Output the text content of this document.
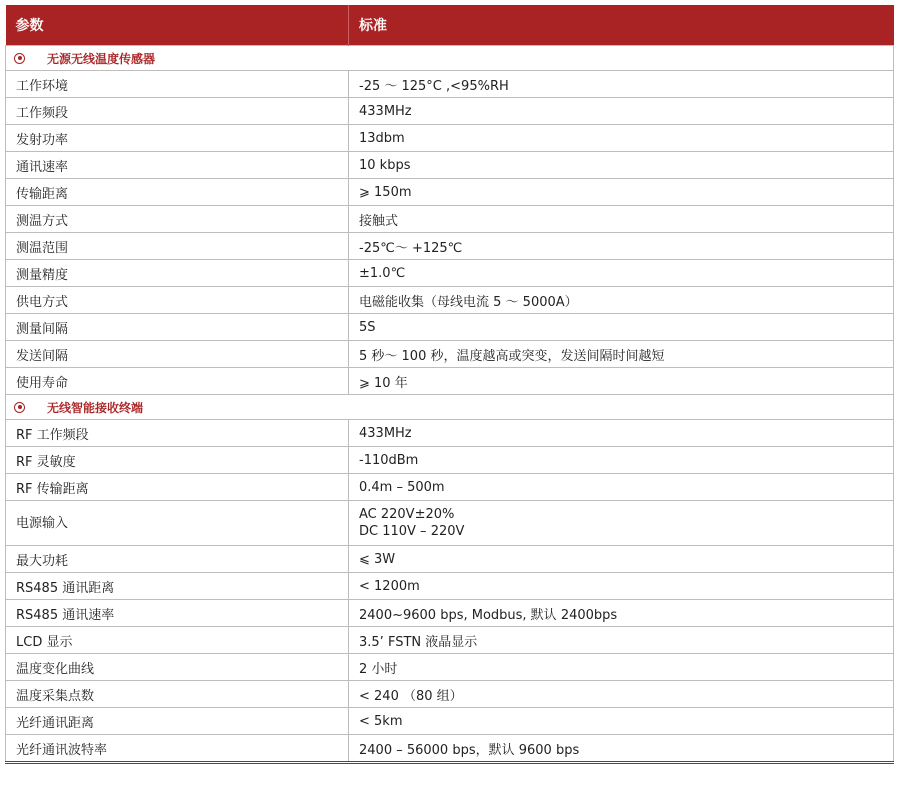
参数	标准
无源无线温度传感器	
工作环境	-25 ～ 125°C ,<95%RH
工作频段	433MHz
发射功率	13dbm
通讯速率	10 kbps
传输距离	⩾ 150m
测温方式	接触式
测温范围	-25℃～ +125℃
测量精度	±1.0℃
供电方式	电磁能收集（母线电流 5 ～ 5000A）
测量间隔	5S
发送间隔	5 秒～ 100 秒，温度越高或突变，发送间隔时间越短
使用寿命	⩾ 10 年
无线智能接收终端	
RF 工作频段	433MHz
RF 灵敏度	-110dBm
RF 传输距离	0.4m – 500m
电源输入	AC 220V±20%
DC 110V – 220V

最大功耗	⩽ 3W
RS485 通讯距离	< 1200m
RS485 通讯速率	2400~9600 bps, Modbus, 默认 2400bps
LCD 显示	3.5’ FSTN 液晶显示
温度变化曲线	2 小时
温度采集点数	< 240 （80 组）
光纤通讯距离	< 5km
光纤通讯波特率	2400 – 56000 bps，默认 9600 bps
